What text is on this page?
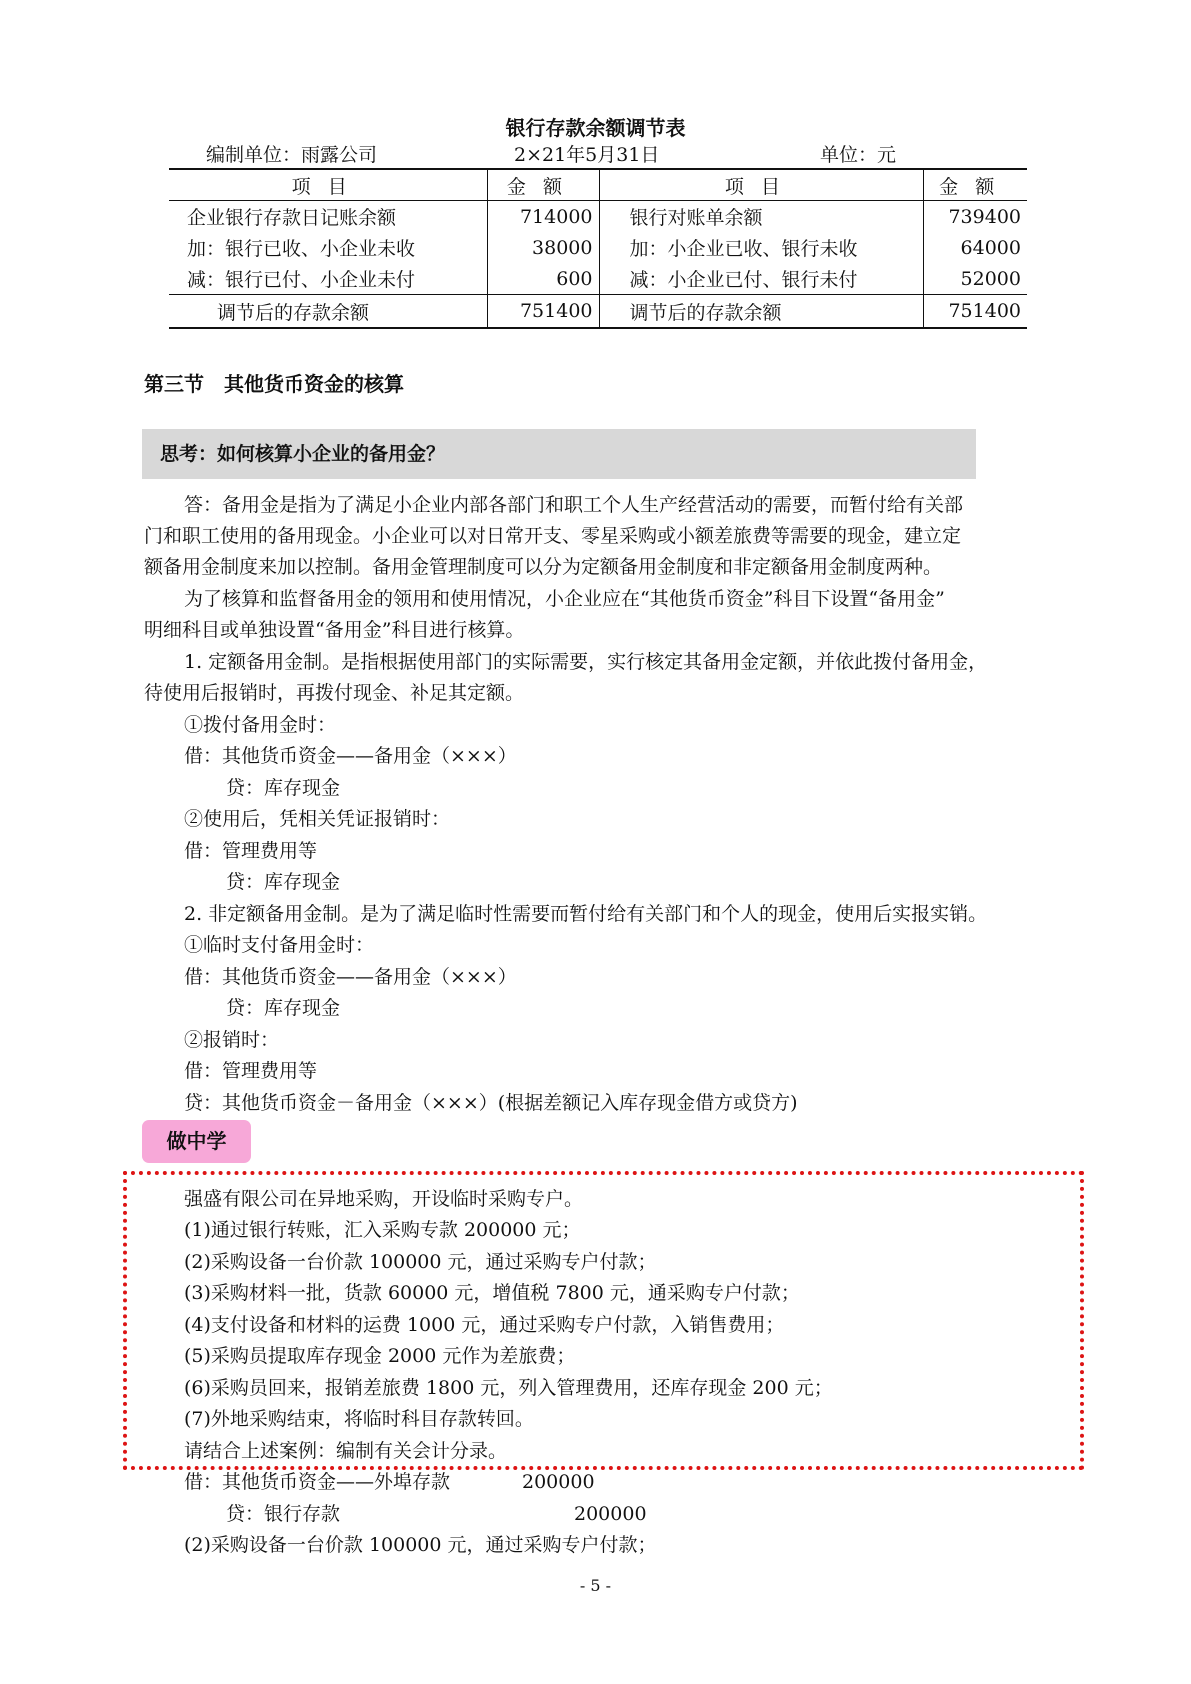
银行存款余额调节表
编制单位：雨露公司	2×21年5月31日	单位：元
项目	金额	项目	金额
企业银行存款日记账余额	714000	银行对账单余额	739400
加：银行已收、小企业未收	38000	加：小企业已收、银行未收	64000
减：银行已付、小企业未付	600	减：小企业已付、银行未付	52000
调节后的存款余额	751400	调节后的存款余额	751400
第三节　其他货币资金的核算
思考：如何核算小企业的备用金？
答：备用金是指为了满足小企业内部各部门和职工个人生产经营活动的需要，而暂付给有关部
门和职工使用的备用现金。小企业可以对日常开支、零星采购或小额差旅费等需要的现金，建立定
额备用金制度来加以控制。备用金管理制度可以分为定额备用金制度和非定额备用金制度两种。
为了核算和监督备用金的领用和使用情况，小企业应在“其他货币资金”科目下设置“备用金”
明细科目或单独设置“备用金”科目进行核算。
1. 定额备用金制。是指根据使用部门的实际需要，实行核定其备用金定额，并依此拨付备用金，
待使用后报销时，再拨付现金、补足其定额。
①拨付备用金时：
借：其他货币资金——备用金（×××）
贷：库存现金
②使用后，凭相关凭证报销时：
借：管理费用等
贷：库存现金
2. 非定额备用金制。是为了满足临时性需要而暂付给有关部门和个人的现金，使用后实报实销。
①临时支付备用金时：
借：其他货币资金——备用金（×××）
贷：库存现金
②报销时：
借：管理费用等
贷：其他货币资金－备用金（×××）(根据差额记入库存现金借方或贷方)
做中学
强盛有限公司在异地采购，开设临时采购专户。
(1)通过银行转账，汇入采购专款 200000 元；
(2)采购设备一台价款 100000 元，通过采购专户付款；
(3)采购材料一批，货款 60000 元，增值税 7800 元，通采购专户付款；
(4)支付设备和材料的运费 1000 元，通过采购专户付款，入销售费用；
(5)采购员提取库存现金 2000 元作为差旅费；
(6)采购员回来，报销差旅费 1800 元，列入管理费用，还库存现金 200 元；
(7)外地采购结束，将临时科目存款转回。
请结合上述案例：编制有关会计分录。
借：其他货币资金——外埠存款	200000
贷：银行存款	200000
(2)采购设备一台价款 100000 元，通过采购专户付款；
- 5 -
